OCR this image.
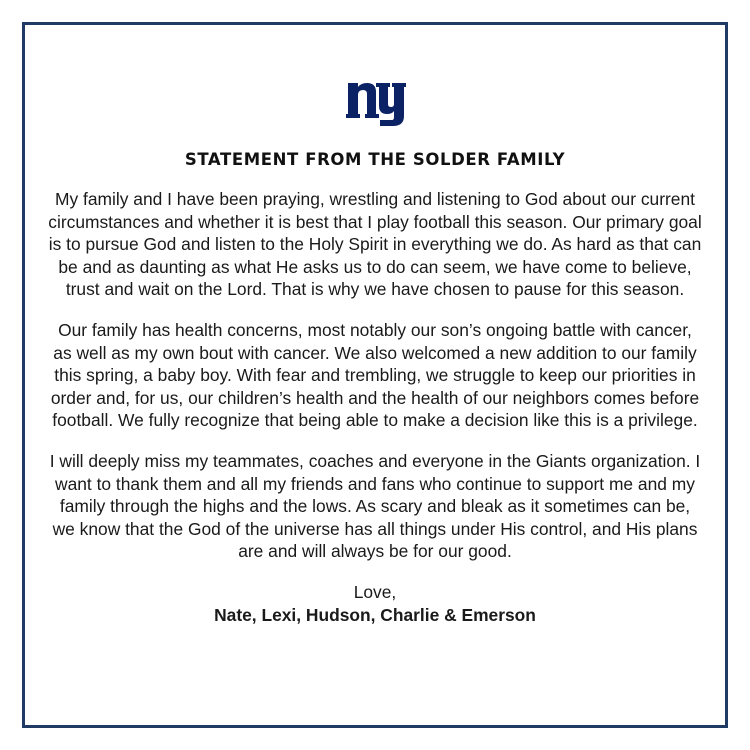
STATEMENT FROM THE SOLDER FAMILY

My family and I have been praying, wrestling and listening to God about our current circumstances and whether it is best that I play football this season. Our primary goal is to pursue God and listen to the Holy Spirit in everything we do. As hard as that can be and as daunting as what He asks us to do can seem, we have come to believe, trust and wait on the Lord. That is why we have chosen to pause for this season.

Our family has health concerns, most notably our son’s ongoing battle with cancer, as well as my own bout with cancer. We also welcomed a new addition to our family this spring, a baby boy. With fear and trembling, we struggle to keep our priorities in order and, for us, our children’s health and the health of our neighbors comes before football. We fully recognize that being able to make a decision like this is a privilege.

I will deeply miss my teammates, coaches and everyone in the Giants organization. I want to thank them and all my friends and fans who continue to support me and my family through the highs and the lows. As scary and bleak as it sometimes can be, we know that the God of the universe has all things under His control, and His plans are and will always be for our good.

Love,
Nate, Lexi, Hudson, Charlie & Emerson
